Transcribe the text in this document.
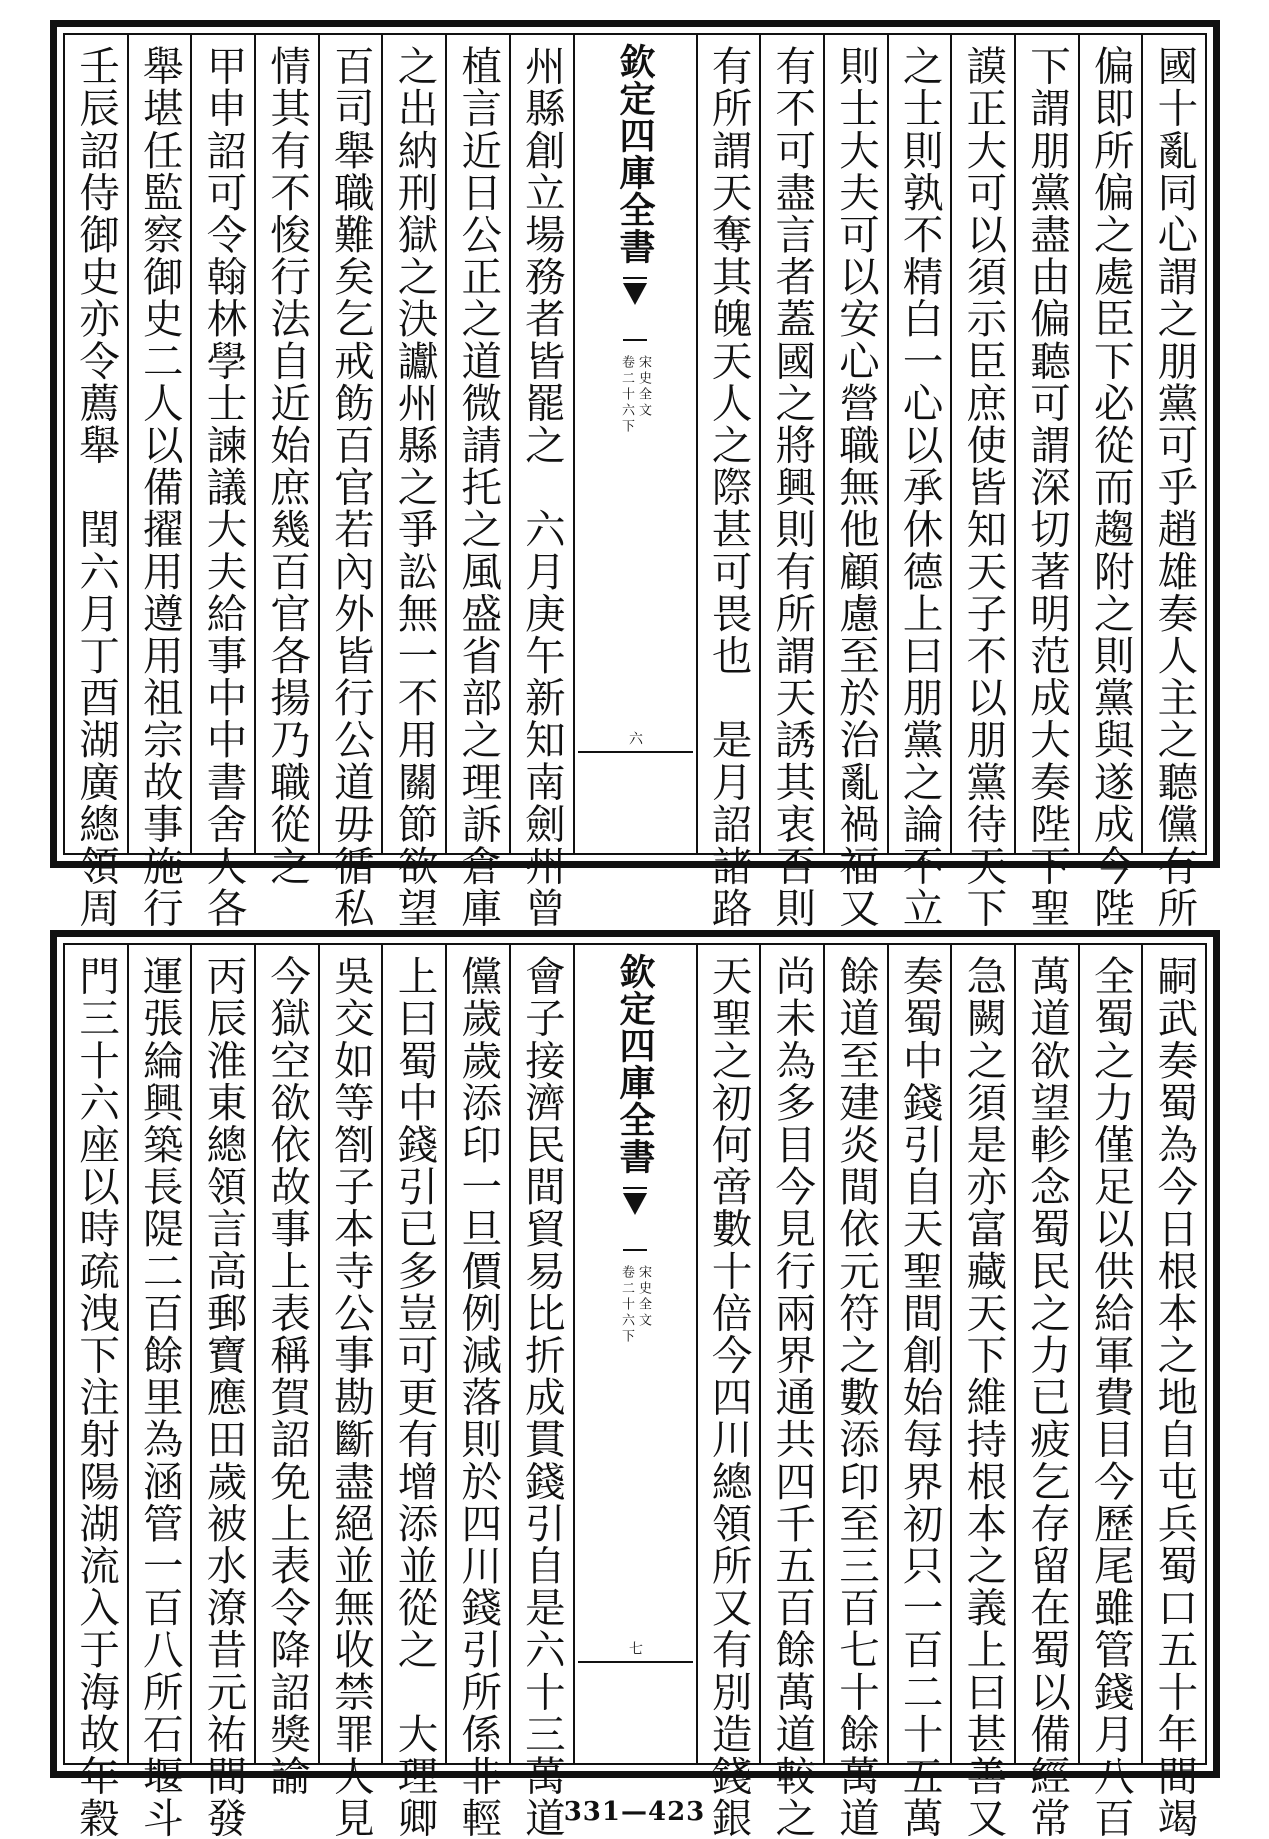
國十亂同心謂之朋黨可乎趙雄奏人主之聽儻有所
偏即所偏之處臣下必從而趨附之則黨與遂成今陛
下謂朋黨盡由偏聽可謂深切著明范成大奏陛下聖
謨正大可以須示臣庶使皆知天子不以朋黨待天下
之士則孰不精白一心以承休德上曰朋黨之論不立
則士大夫可以安心營職無他顧慮至於治亂禍福又
有不可盡言者蓋國之將興則有所謂天誘其衷否則
有所謂天奪其魄天人之際甚可畏也　是月詔諸路
欽定四庫全書
宋史全文
卷二十六下
六
州縣創立場務者皆罷之　六月庚午新知南劍州曾
植言近日公正之道微請托之風盛省部之理訴倉庫
之出納刑獄之決讞州縣之爭訟無一不用關節欲望
百司舉職難矣乞戒飭百官若內外皆行公道毋循私
情其有不悛行法自近始庶幾百官各揚乃職從之
甲申詔可令翰林學士諫議大夫給事中中書舍人各
舉堪任監察御史二人以備擢用遵用祖宗故事施行
壬辰詔侍御史亦令薦舉　閏六月丁酉湖廣總領周
嗣武奏蜀為今日根本之地自屯兵蜀口五十年間竭
全蜀之力僅足以供給軍費目今歷尾雖管錢月八百
萬道欲望軫念蜀民之力已疲乞存留在蜀以備經常
急闕之須是亦富藏天下維持根本之義上曰甚善又
奏蜀中錢引自天聖間創始每界初只一百二十五萬
餘道至建炎間依元符之數添印至三百七十餘萬道
尚未為多目今見行兩界通共四千五百餘萬道較之
天聖之初何啻數十倍今四川總領所又有別造錢銀
欽定四庫全書
宋史全文
卷二十六下
七
會子接濟民間貿易比折成貫錢引自是六十三萬道
儻歲歲添印一旦價例減落則於四川錢引所係非輕
上曰蜀中錢引已多豈可更有增添並從之　大理卿
吳交如等劄子本寺公事勘斷盡絕並無收禁罪人見
今獄空欲依故事上表稱賀詔免上表令降詔獎諭
丙辰淮東總領言高郵寶應田歲被水潦昔元祐間發
運張綸興築長隄二百餘里為涵管一百八所石堰斗
門三十六座以時疏洩下注射陽湖流入于海故年穀	331—423
